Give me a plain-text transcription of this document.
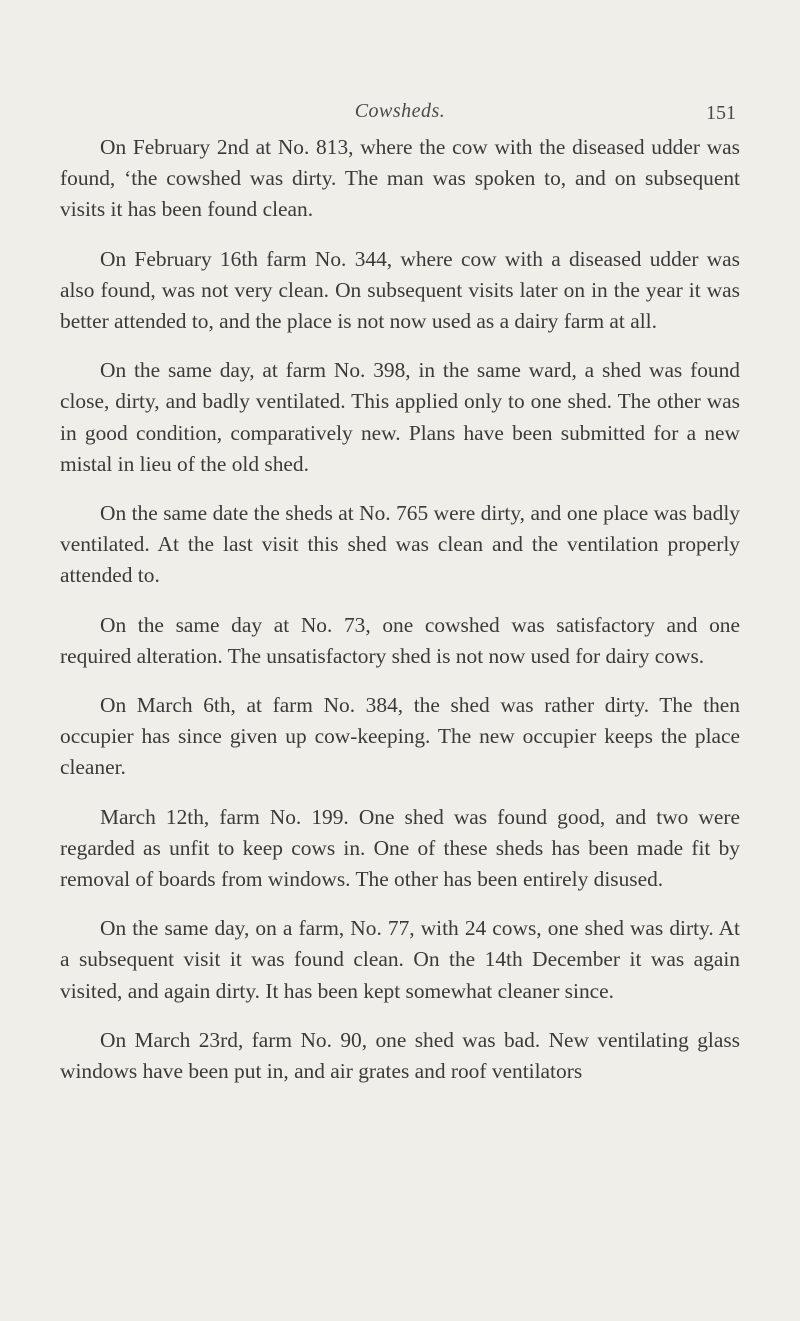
Cowsheds.	151

On February 2nd at No. 813, where the cow with the diseased udder was found, ‘the cowshed was dirty. The man was spoken to, and on subsequent visits it has been found clean.

On February 16th farm No. 344, where cow with a diseased udder was also found, was not very clean. On subsequent visits later on in the year it was better attended to, and the place is not now used as a dairy farm at all.

On the same day, at farm No. 398, in the same ward, a shed was found close, dirty, and badly ventilated. This applied only to one shed. The other was in good condition, comparatively new. Plans have been submitted for a new mistal in lieu of the old shed.

On the same date the sheds at No. 765 were dirty, and one place was badly ventilated. At the last visit this shed was clean and the ventilation properly attended to.

On the same day at No. 73, one cowshed was satisfactory and one required alteration. The unsatisfactory shed is not now used for dairy cows.

On March 6th, at farm No. 384, the shed was rather dirty. The then occupier has since given up cow-keeping. The new occupier keeps the place cleaner.

March 12th, farm No. 199. One shed was found good, and two were regarded as unfit to keep cows in. One of these sheds has been made fit by removal of boards from windows. The other has been entirely disused.

On the same day, on a farm, No. 77, with 24 cows, one shed was dirty. At a subsequent visit it was found clean. On the 14th December it was again visited, and again dirty. It has been kept somewhat cleaner since.

On March 23rd, farm No. 90, one shed was bad. New ventilating glass windows have been put in, and air grates and roof ventilators
